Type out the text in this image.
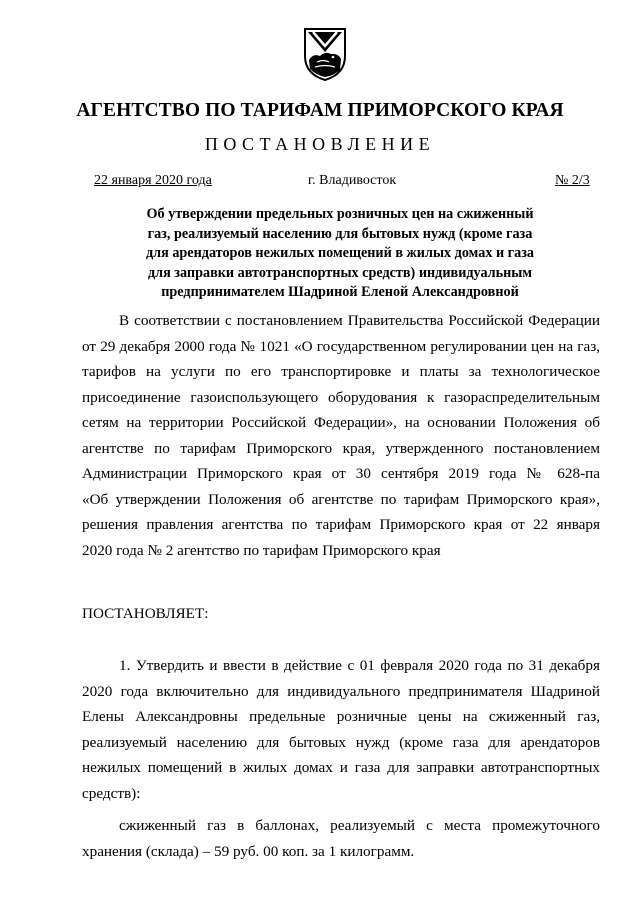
АГЕНТСТВО ПО ТАРИФАМ ПРИМОРСКОГО КРАЯ
ПОСТАНОВЛЕНИЕ
22 января 2020 года	г. Владивосток	№ 2/3
Об утверждении предельных розничных цен на сжиженный
газ, реализуемый населению для бытовых нужд (кроме газа
для арендаторов нежилых помещений в жилых домах и газа
для заправки автотранспортных средств) индивидуальным
предпринимателем Шадриной Еленой Александровной
В соответствии с постановлением Правительства Российской Федерации
от 29 декабря 2000 года № 1021 «О государственном регулировании цен на газ,
тарифов на услуги по его транспортировке и платы за технологическое
присоединение газоиспользующего оборудования к газораспределительным
сетям на территории Российской Федерации», на основании Положения об
агентстве по тарифам Приморского края, утвержденного постановлением
Администрации Приморского края от 30 сентября 2019 года № 628-па
«Об утверждении Положения об агентстве по тарифам Приморского края»,
решения правления агентства по тарифам Приморского края от 22 января
2020 года № 2 агентство по тарифам Приморского края
ПОСТАНОВЛЯЕТ:
1. Утвердить и ввести в действие с 01 февраля 2020 года по 31 декабря
2020 года включительно для индивидуального предпринимателя Шадриной
Елены Александровны предельные розничные цены на сжиженный газ,
реализуемый населению для бытовых нужд (кроме газа для арендаторов
нежилых помещений в жилых домах и газа для заправки автотранспортных
средств):
сжиженный газ в баллонах, реализуемый с места промежуточного
хранения (склада) – 59 руб. 00 коп. за 1 килограмм.
